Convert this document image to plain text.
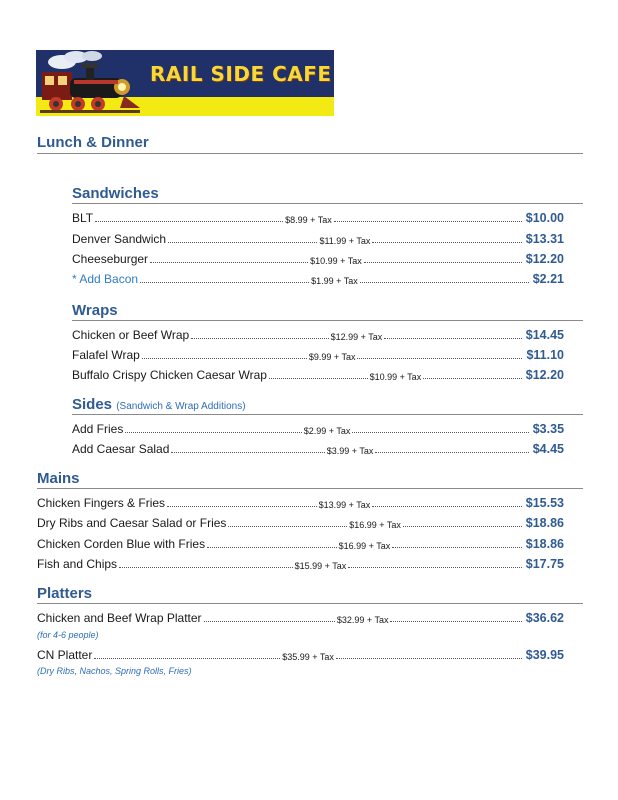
RAIL SIDE CAFE
Lunch & Dinner
Sandwiches
BLT	$8.99 + Tax	$10.00
Denver Sandwich	$11.99 + Tax	$13.31
Cheeseburger	$10.99 + Tax	$12.20
* Add Bacon	$1.99 + Tax	$2.21
Wraps
Chicken or Beef Wrap	$12.99 + Tax	$14.45
Falafel Wrap	$9.99 + Tax	$11.10
Buffalo Crispy Chicken Caesar Wrap	$10.99 + Tax	$12.20
Sides (Sandwich & Wrap Additions)
Add Fries	$2.99 + Tax	$3.35
Add Caesar Salad	$3.99 + Tax	$4.45
Mains
Chicken Fingers & Fries	$13.99 + Tax	$15.53
Dry Ribs and Caesar Salad or Fries	$16.99 + Tax	$18.86
Chicken Corden Blue with Fries	$16.99 + Tax	$18.86
Fish and Chips	$15.99 + Tax	$17.75
Platters
Chicken and Beef Wrap Platter	$32.99 + Tax	$36.62
(for 4-6 people)
CN Platter	$35.99 + Tax	$39.95
(Dry Ribs, Nachos, Spring Rolls, Fries)
